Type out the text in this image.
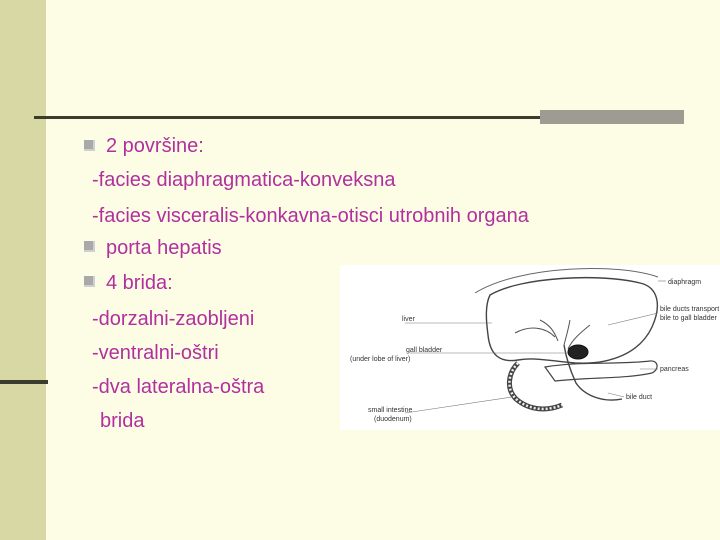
2 površine:
-facies diaphragmatica-konveksna
-facies visceralis-konkavna-otisci utrobnih organa
porta hepatis
4 brida:
-dorzalni-zaobljeni
-ventralni-oštri
-dva lateralna-oštra
brida
diaphragm
liver
gall bladder
(under lobe of liver)
small intestine
(duodenum)
bile ducts transport
bile to gall bladder
pancreas
bile duct
